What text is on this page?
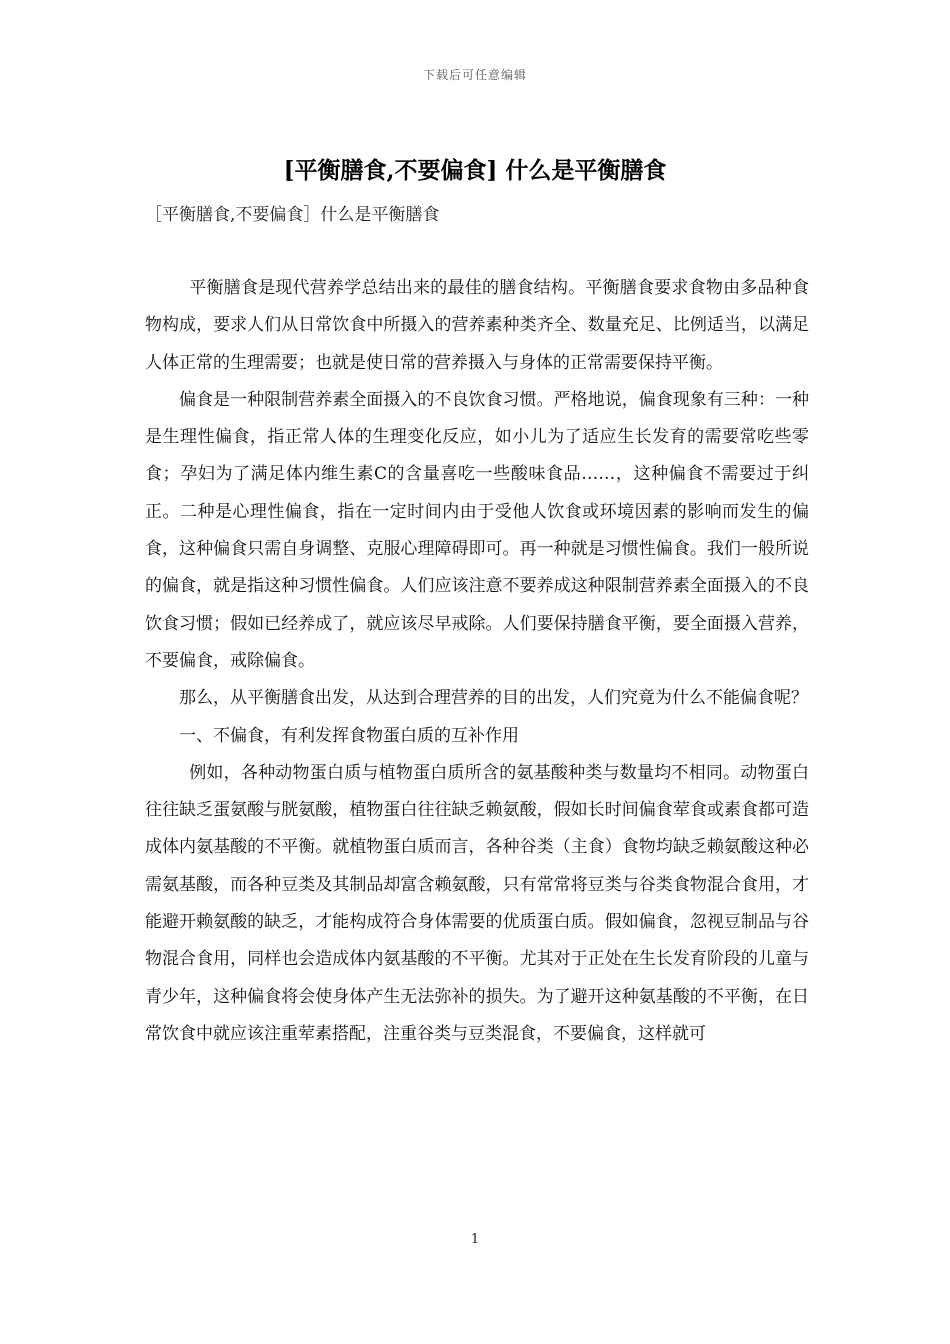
下载后可任意编辑
[平衡膳食,不要偏食] 什么是平衡膳食

［平衡膳食,不要偏食］什么是平衡膳食

平衡膳食是现代营养学总结出来的最佳的膳食结构。平衡膳食要求食物由多品种食物构成，要求人们从日常饮食中所摄入的营养素种类齐全、数量充足、比例适当，以满足人体正常的生理需要；也就是使日常的营养摄入与身体的正常需要保持平衡。

偏食是一种限制营养素全面摄入的不良饮食习惯。严格地说，偏食现象有三种：一种是生理性偏食，指正常人体的生理变化反应，如小儿为了适应生长发育的需要常吃些零食；孕妇为了满足体内维生素C的含量喜吃一些酸味食品……，这种偏食不需要过于纠正。二种是心理性偏食，指在一定时间内由于受他人饮食或环境因素的影响而发生的偏食，这种偏食只需自身调整、克服心理障碍即可。再一种就是习惯性偏食。我们一般所说的偏食，就是指这种习惯性偏食。人们应该注意不要养成这种限制营养素全面摄入的不良饮食习惯；假如已经养成了，就应该尽早戒除。人们要保持膳食平衡，要全面摄入营养，不要偏食，戒除偏食。

那么，从平衡膳食出发，从达到合理营养的目的出发，人们究竟为什么不能偏食呢？

一、不偏食，有利发挥食物蛋白质的互补作用

例如，各种动物蛋白质与植物蛋白质所含的氨基酸种类与数量均不相同。动物蛋白往往缺乏蛋氨酸与胱氨酸，植物蛋白往往缺乏赖氨酸，假如长时间偏食荤食或素食都可造成体内氨基酸的不平衡。就植物蛋白质而言，各种谷类（主食）食物均缺乏赖氨酸这种必需氨基酸，而各种豆类及其制品却富含赖氨酸，只有常常将豆类与谷类食物混合食用，才能避开赖氨酸的缺乏，才能构成符合身体需要的优质蛋白质。假如偏食，忽视豆制品与谷物混合食用，同样也会造成体内氨基酸的不平衡。尤其对于正处在生长发育阶段的儿童与青少年，这种偏食将会使身体产生无法弥补的损失。为了避开这种氨基酸的不平衡，在日常饮食中就应该注重荤素搭配，注重谷类与豆类混食，不要偏食，这样就可

1
